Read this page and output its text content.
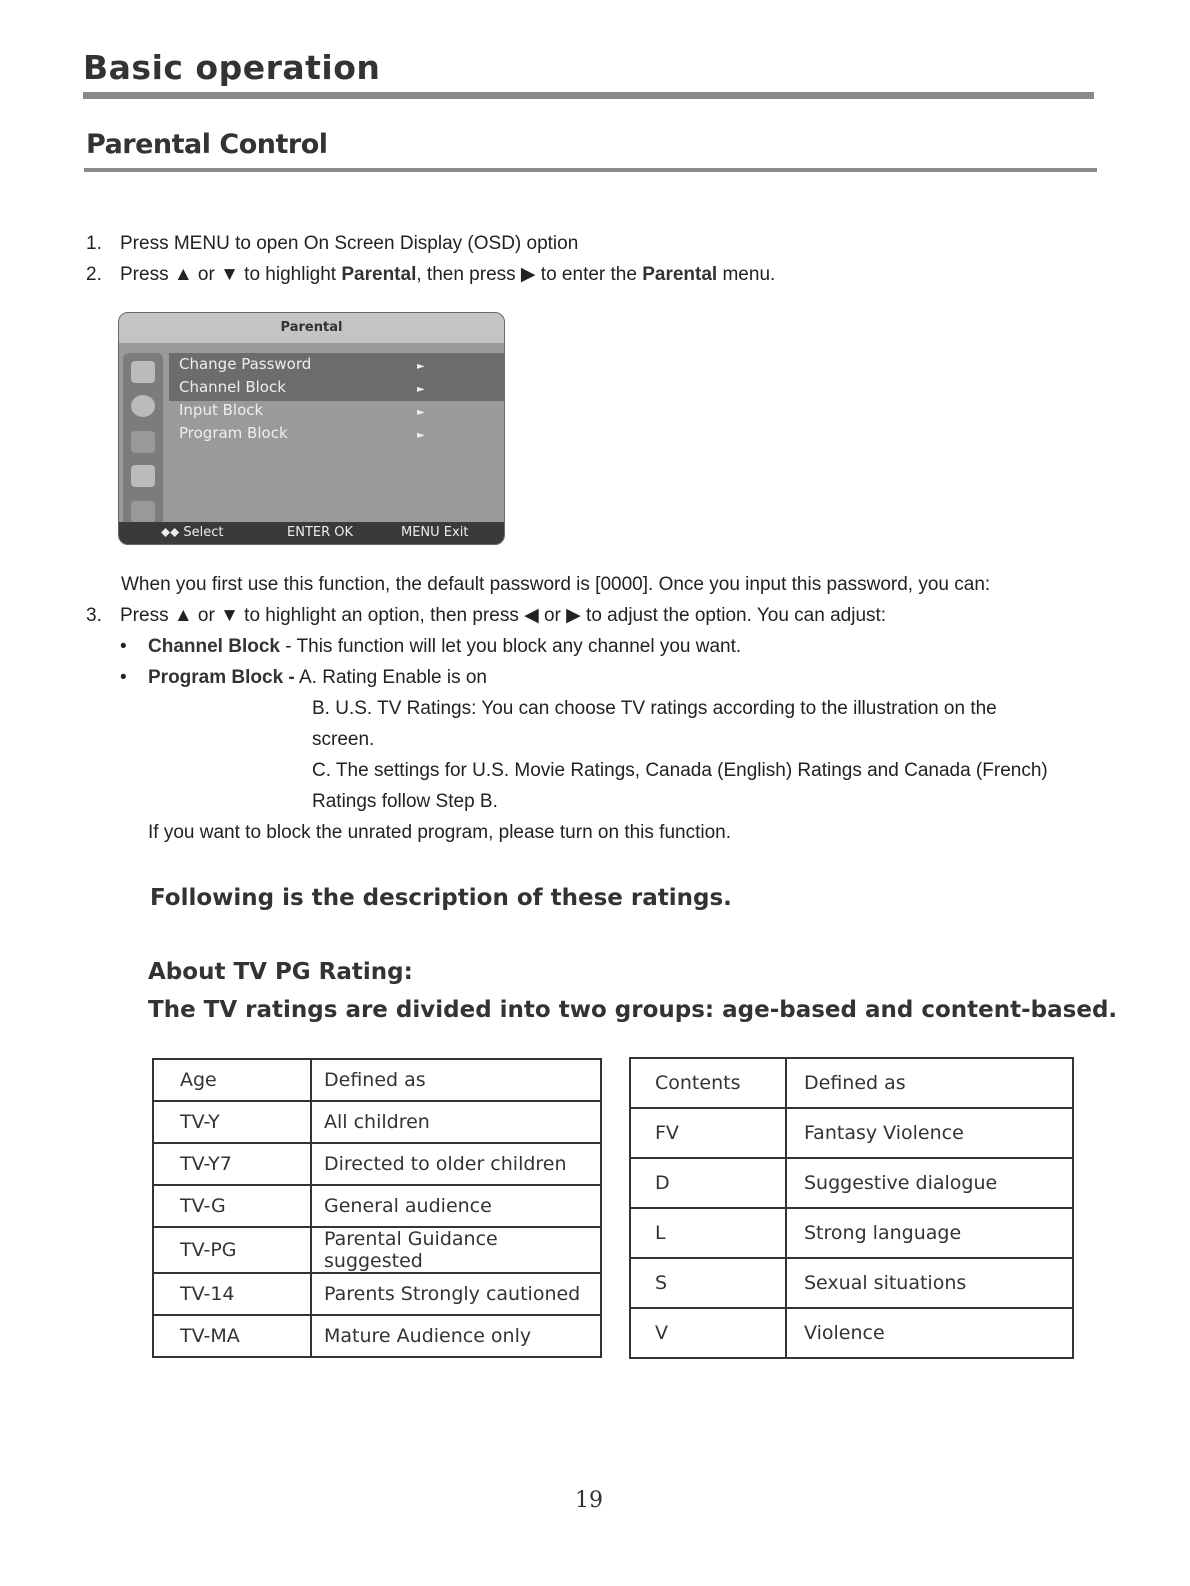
Basic operation
Parental Control
1. Press MENU to open On Screen Display (OSD) option
2. Press ▲ or ▼ to highlight Parental, then press ▶ to enter the Parental menu.
Parental
Change Password
Channel Block
Input Block
Program Block
►
►
►
►
⬥⬥ Select	ENTER OK	MENU Exit
When you first use this function, the default password is [0000]. Once you input this password, you can:
3. Press ▲ or ▼ to highlight an option, then press ◀ or ▶ to adjust the option. You can adjust:
• Channel Block - This function will let you block any channel you want.
• Program Block - A. Rating Enable is on
B. U.S. TV Ratings: You can choose TV ratings according to the illustration on the
screen.
C. The settings for U.S. Movie Ratings, Canada (English) Ratings and Canada (French)
Ratings follow Step B.
If you want to block the unrated program, please turn on this function.
Following is the description of these ratings.
About TV PG Rating:
The TV ratings are divided into two groups: age-based and content-based.
Age	Defined as
TV-Y	All children
TV-Y7	Directed to older children
TV-G	General audience
TV-PG	Parental Guidance suggested
TV-14	Parents Strongly cautioned
TV-MA	Mature Audience only
Contents	Defined as
FV	Fantasy Violence
D	Suggestive dialogue
L	Strong language
S	Sexual situations
V	Violence
19
